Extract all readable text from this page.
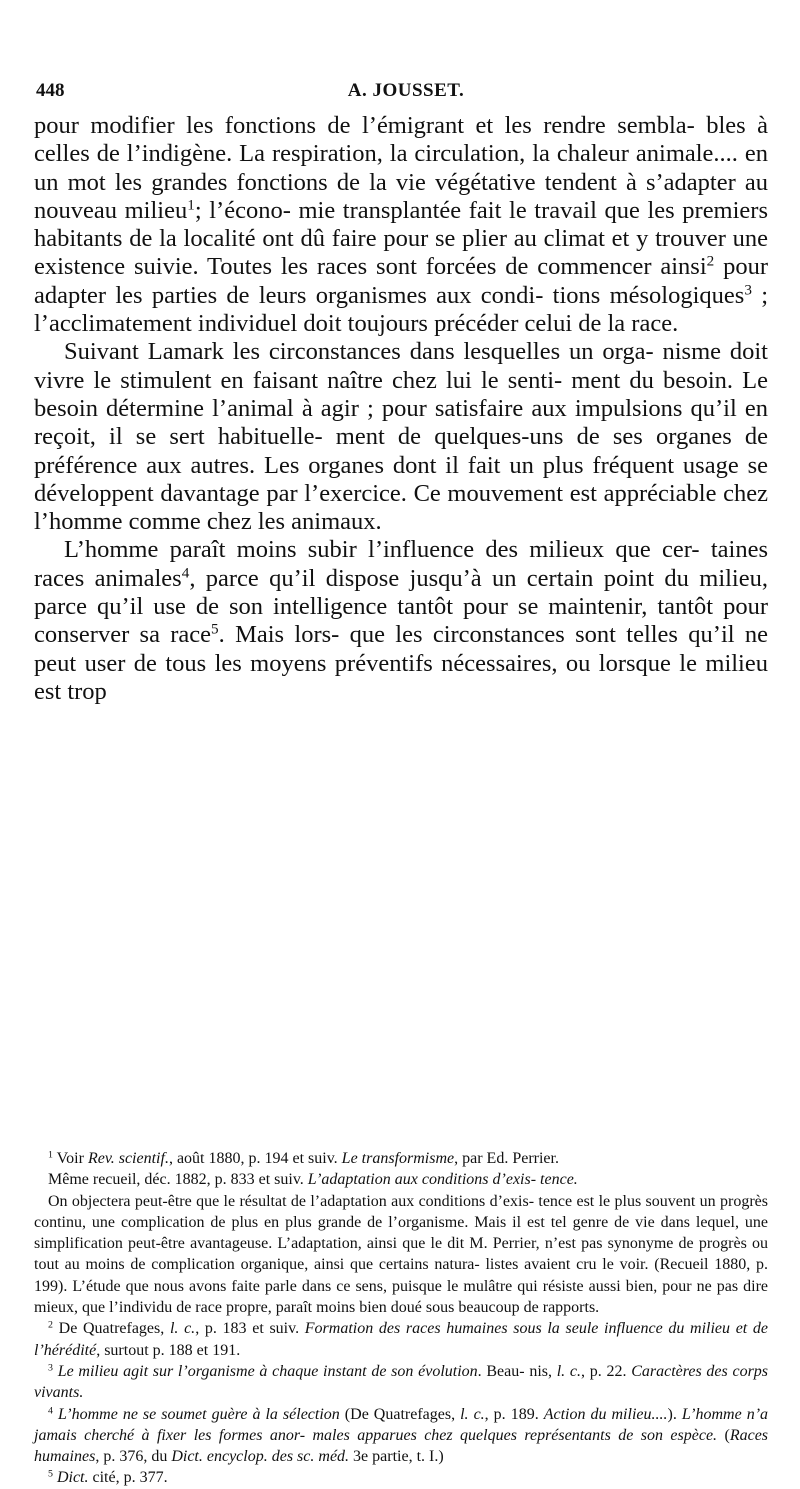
448	A. JOUSSET.

pour modifier les fonctions de l’émigrant et les rendre sembla- bles à celles de l’indigène. La respiration, la circulation, la chaleur animale.... en un mot les grandes fonctions de la vie végétative tendent à s’adapter au nouveau milieu$^1$; l’écono- mie transplantée fait le travail que les premiers habitants de la localité ont dû faire pour se plier au climat et y trouver une existence suivie. Toutes les races sont forcées de commencer ainsi$^2$ pour adapter les parties de leurs organismes aux condi- tions mésologiques$^3$ ; l’acclimatement individuel doit toujours précéder celui de la race.

Suivant Lamark les circonstances dans lesquelles un orga- nisme doit vivre le stimulent en faisant naître chez lui le senti- ment du besoin. Le besoin détermine l’animal à agir ; pour satisfaire aux impulsions qu’il en reçoit, il se sert habituelle- ment de quelques-uns de ses organes de préférence aux autres. Les organes dont il fait un plus fréquent usage se développent davantage par l’exercice. Ce mouvement est appréciable chez l’homme comme chez les animaux.

L’homme paraît moins subir l’influence des milieux que cer- taines races animales$^4$, parce qu’il dispose jusqu’à un certain point du milieu, parce qu’il use de son intelligence tantôt pour se maintenir, tantôt pour conserver sa race$^5$. Mais lors- que les circonstances sont telles qu’il ne peut user de tous les moyens préventifs nécessaires, ou lorsque le milieu est trop

$^1$ Voir Rev. scientif., août 1880, p. 194 et suiv. Le transformisme, par Ed. Perrier.

Même recueil, déc. 1882, p. 833 et suiv. L’adaptation aux conditions d’exis- tence.

On objectera peut-être que le résultat de l’adaptation aux conditions d’exis- tence est le plus souvent un progrès continu, une complication de plus en plus grande de l’organisme. Mais il est tel genre de vie dans lequel, une simplification peut-être avantageuse. L’adaptation, ainsi que le dit M. Perrier, n’est pas synonyme de progrès ou tout au moins de complication organique, ainsi que certains natura- listes avaient cru le voir. (Recueil 1880, p. 199). L’étude que nous avons faite parle dans ce sens, puisque le mulâtre qui résiste aussi bien, pour ne pas dire mieux, que l’individu de race propre, paraît moins bien doué sous beaucoup de rapports.

$^2$ De Quatrefages, l. c., p. 183 et suiv. Formation des races humaines sous la seule influence du milieu et de l’hérédité, surtout p. 188 et 191.

$^3$ Le milieu agit sur l’organisme à chaque instant de son évolution. Beau- nis, l. c., p. 22. Caractères des corps vivants.

$^4$ L’homme ne se soumet guère à la sélection (De Quatrefages, l. c., p. 189. Action du milieu....). L’homme n’a jamais cherché à fixer les formes anor- males apparues chez quelques représentants de son espèce. (Races humaines, p. 376, du Dict. encyclop. des sc. méd. 3e partie, t. I.)

$^5$ Dict. cité, p. 377.
